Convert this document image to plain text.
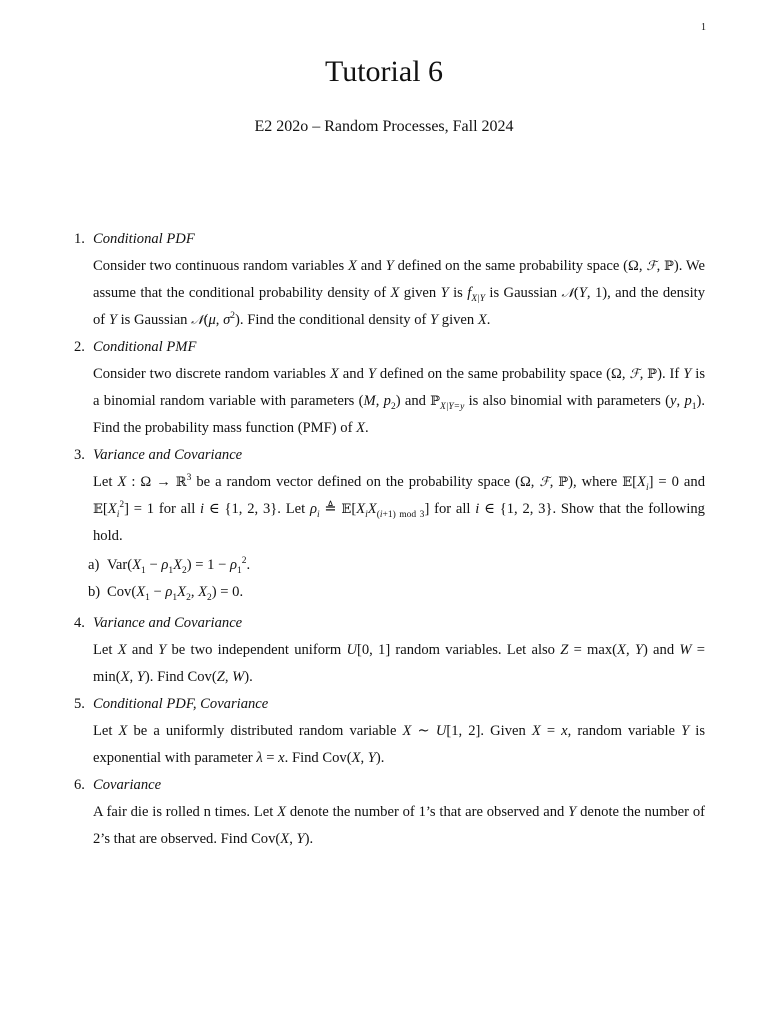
1
Tutorial 6
E2 202o – Random Processes, Fall 2024
1. Conditional PDF
Consider two continuous random variables X and Y defined on the same probability space (Ω, ℱ, ℙ). We assume that the conditional probability density of X given Y is $f_{X|Y}$ is Gaussian 𝒩(Y, 1), and the density of Y is Gaussian 𝒩(μ, $\sigma^2$). Find the conditional density of Y given X.
2. Conditional PMF
Consider two discrete random variables X and Y defined on the same probability space (Ω, ℱ, ℙ). If Y is a binomial random variable with parameters (M, $p_2$) and ℙ$_{X|Y=y}$ is also binomial with parameters (y, $p_1$). Find the probability mass function (PMF) of X.
3. Variance and Covariance
Let X : Ω → ℝ$^3$ be a random vector defined on the probability space (Ω, ℱ, ℙ), where $𝔼[X_i] = 0$ and $𝔼[X_i^2] = 1$ for all i ∈ {1, 2, 3}. Let $\rho_i$ ≜ $𝔼[X_iX_{(i+1) mod 3}]$ for all i ∈ {1, 2, 3}. Show that the following hold.
a) $Var(X_1 - \rho_1X_2) = 1 - \rho_1^2$.
b) $Cov(X_1 - \rho_1X_2$, $X_2) = 0$.
4. Variance and Covariance
Let X and Y be two independent uniform U[0, 1] random variables. Let also Z = max(X, Y) and W = min(X, Y). Find Cov(Z, W).
5. Conditional PDF, Covariance
Let X be a uniformly distributed random variable X ∼ U[1, 2]. Given X = x, random variable Y is exponential with parameter λ = x. Find Cov(X, Y).
6. Covariance
A fair die is rolled n times. Let X denote the number of 1’s that are observed and Y denote the number of 2’s that are observed. Find Cov(X, Y).
